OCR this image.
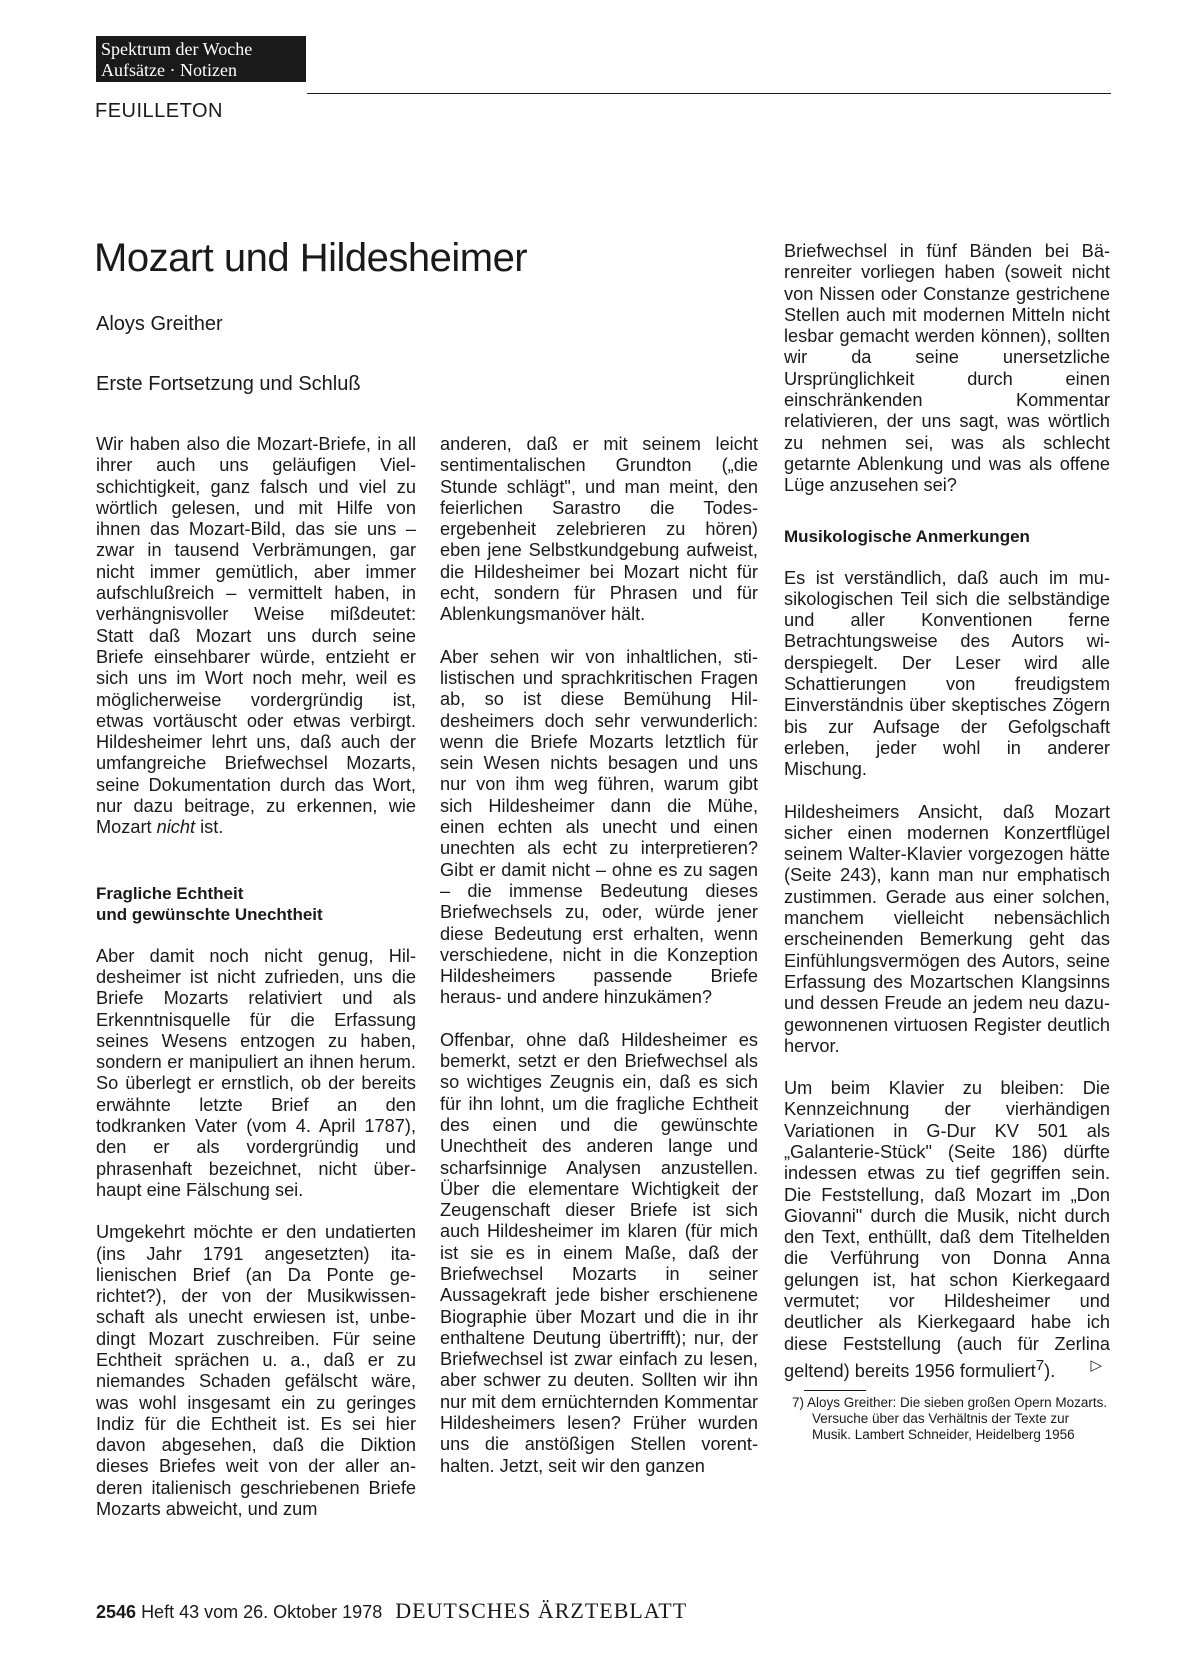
Spektrum der Woche
Aufsätze · Notizen
FEUILLETON
Mozart und Hildesheimer
Aloys Greither
Erste Fortsetzung und Schluß

Wir haben also die Mozart-Briefe, in all ihrer auch uns geläufigen Vielschichtigkeit, ganz falsch und viel zu wörtlich gelesen, und mit Hilfe von ihnen das Mozart-Bild, das sie uns – zwar in tausend Verbrämungen, gar nicht immer gemütlich, aber immer aufschlußreich – vermittelt haben, in verhängnisvoller Weise mißdeutet: Statt daß Mozart uns durch seine Briefe einsehbarer würde, entzieht er sich uns im Wort noch mehr, weil es möglicherweise vordergründig ist, etwas vortäuscht oder etwas verbirgt. Hildesheimer lehrt uns, daß auch der umfangreiche Briefwechsel Mozarts, seine Dokumentation durch das Wort, nur dazu beitrage, zu erkennen, wie Mozart nicht ist.

Fragliche Echtheit
und gewünschte Unechtheit

Aber damit noch nicht genug, Hildesheimer ist nicht zufrieden, uns die Briefe Mozarts relativiert und als Erkenntnisquelle für die Erfassung seines Wesens entzogen zu haben, sondern er manipuliert an ihnen herum. So überlegt er ernstlich, ob der bereits erwähnte letzte Brief an den todkranken Vater (vom 4. April 1787), den er als vordergründig und phrasenhaft bezeichnet, nicht überhaupt eine Fälschung sei.

Umgekehrt möchte er den undatierten (ins Jahr 1791 angesetzten) italienischen Brief (an Da Ponte gerichtet?), der von der Musikwissenschaft als unecht erwiesen ist, unbedingt Mozart zuschreiben. Für seine Echtheit sprächen u. a., daß er zu niemandes Schaden gefälscht wäre, was wohl insgesamt ein zu geringes Indiz für die Echtheit ist. Es sei hier davon abgesehen, daß die Diktion dieses Briefes weit von der aller anderen italienisch geschriebenen Briefe Mozarts abweicht, und zum

anderen, daß er mit seinem leicht sentimentalischen Grundton („die Stunde schlägt", und man meint, den feierlichen Sarastro die Todesergebenheit zelebrieren zu hören) eben jene Selbstkundgebung aufweist, die Hildesheimer bei Mozart nicht für echt, sondern für Phrasen und für Ablenkungsmanöver hält.

Aber sehen wir von inhaltlichen, stilistischen und sprachkritischen Fragen ab, so ist diese Bemühung Hildesheimers doch sehr verwunderlich: wenn die Briefe Mozarts letztlich für sein Wesen nichts besagen und uns nur von ihm weg führen, warum gibt sich Hildesheimer dann die Mühe, einen echten als unecht und einen unechten als echt zu interpretieren? Gibt er damit nicht – ohne es zu sagen – die immense Bedeutung dieses Briefwechsels zu, oder, würde jener diese Bedeutung erst erhalten, wenn verschiedene, nicht in die Konzeption Hildesheimers passende Briefe heraus- und andere hinzukämen?

Offenbar, ohne daß Hildesheimer es bemerkt, setzt er den Briefwechsel als so wichtiges Zeugnis ein, daß es sich für ihn lohnt, um die fragliche Echtheit des einen und die gewünschte Unechtheit des anderen lange und scharfsinnige Analysen anzustellen. Über die elementare Wichtigkeit der Zeugenschaft dieser Briefe ist sich auch Hildesheimer im klaren (für mich ist sie es in einem Maße, daß der Briefwechsel Mozarts in seiner Aussagekraft jede bisher erschienene Biographie über Mozart und die in ihr enthaltene Deutung übertrifft); nur, der Briefwechsel ist zwar einfach zu lesen, aber schwer zu deuten. Sollten wir ihn nur mit dem ernüchternden Kommentar Hildesheimers lesen? Früher wurden uns die anstößigen Stellen vorenthalten. Jetzt, seit wir den ganzen

Briefwechsel in fünf Bänden bei Bärenreiter vorliegen haben (soweit nicht von Nissen oder Constanze gestrichene Stellen auch mit modernen Mitteln nicht lesbar gemacht werden können), sollten wir da seine unersetzliche Ursprünglichkeit durch einen einschränkenden Kommentar relativieren, der uns sagt, was wörtlich zu nehmen sei, was als schlecht getarnte Ablenkung und was als offene Lüge anzusehen sei?

Musikologische Anmerkungen

Es ist verständlich, daß auch im musikologischen Teil sich die selbständige und aller Konventionen ferne Betrachtungsweise des Autors widerspiegelt. Der Leser wird alle Schattierungen von freudigstem Einverständnis über skeptisches Zögern bis zur Aufsage der Gefolgschaft erleben, jeder wohl in anderer Mischung.

Hildesheimers Ansicht, daß Mozart sicher einen modernen Konzertflügel seinem Walter-Klavier vorgezogen hätte (Seite 243), kann man nur emphatisch zustimmen. Gerade aus einer solchen, manchem vielleicht nebensächlich erscheinenden Bemerkung geht das Einfühlungsvermögen des Autors, seine Erfassung des Mozartschen Klangsinns und dessen Freude an jedem neu dazugewonnenen virtuosen Register deutlich hervor.

Um beim Klavier zu bleiben: Die Kennzeichnung der vierhändigen Variationen in G-Dur KV 501 als „Galanterie-Stück" (Seite 186) dürfte indessen etwas zu tief gegriffen sein. Die Feststellung, daß Mozart im „Don Giovanni" durch die Musik, nicht durch den Text, enthüllt, daß dem Titelhelden die Verführung von Donna Anna gelungen ist, hat schon Kierkegaard vermutet; vor Hildesheimer und deutlicher als Kierkegaard habe ich diese Feststellung (auch für Zerlina geltend) bereits 1956 formuliert$^7$). ▷

7) Aloys Greither: Die sieben großen Opern Mozarts. Versuche über das Verhältnis der Texte zur Musik. Lambert Schneider, Heidelberg 1956
2546 Heft 43 vom 26. Oktober 1978 DEUTSCHES ÄRZTEBLATT
